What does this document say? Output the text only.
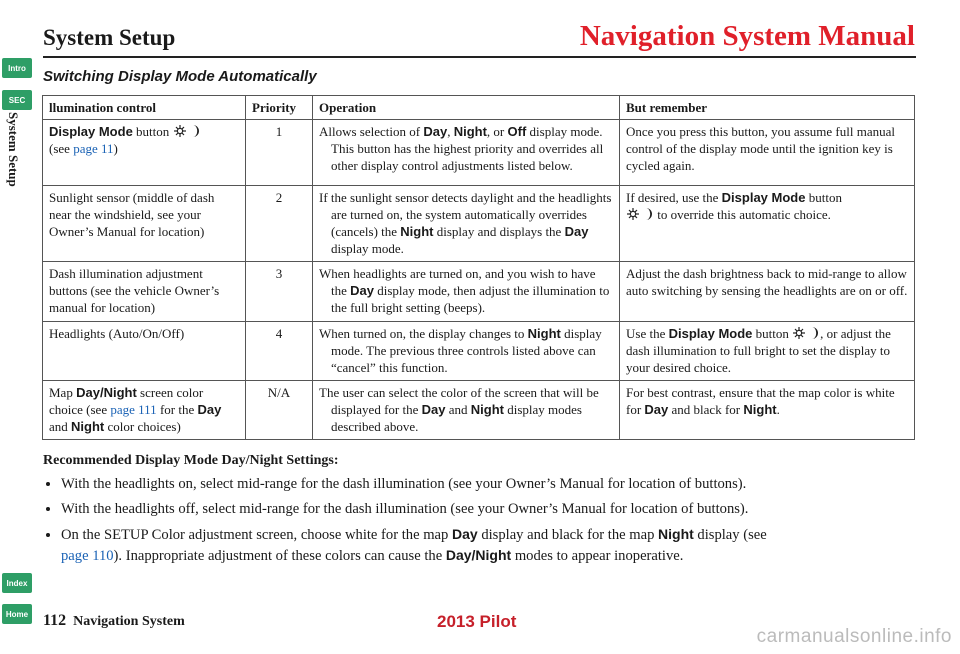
Intro
SEC
Index
Home
System Setup
System Setup	Navigation System Manual
Switching Display Mode Automatically
llumination control	Priority	Operation	But remember
Display Mode button
(see page 11)	1	Allows selection of Day, Night, or Off display mode. This button has the highest priority and overrides all other display control adjustments listed below.	Once you press this button, you assume full manual control of the display mode until the ignition key is cycled again.
Sunlight sensor (middle of dash near the windshield, see your Owner’s Manual for location)	2	If the sunlight sensor detects daylight and the headlights are turned on, the system automatically overrides (cancels) the Night display and displays the Day display mode.	If desired, use the Display Mode button
to override this automatic choice.
Dash illumination adjustment buttons (see the vehicle Owner’s manual for location)	3	When headlights are turned on, and you wish to have the Day display mode, then adjust the illumination to the full bright setting (beeps).	Adjust the dash brightness back to mid-range to allow auto switching by sensing the headlights are on or off.
Headlights (Auto/On/Off)	4	When turned on, the display changes to Night display mode. The previous three controls listed above can “cancel” this function.	Use the Display Mode button , or adjust the dash illumination to full bright to set the display to your desired choice.
Map Day/Night screen color choice (see page 111 for the Day and Night color choices)	N/A	The user can select the color of the screen that will be displayed for the Day and Night display modes described above.	For best contrast, ensure that the map color is white for Day and black for Night.
Recommended Display Mode Day/Night Settings:
• With the headlights on, select mid-range for the dash illumination (see your Owner’s Manual for location of buttons).
• With the headlights off, select mid-range for the dash illumination (see your Owner’s Manual for location of buttons).
• On the SETUP Color adjustment screen, choose white for the map Day display and black for the map Night display (see
page 110). Inappropriate adjustment of these colors can cause the Day/Night modes to appear inoperative.
112 Navigation System	2013 Pilot
carmanualsonline.info
